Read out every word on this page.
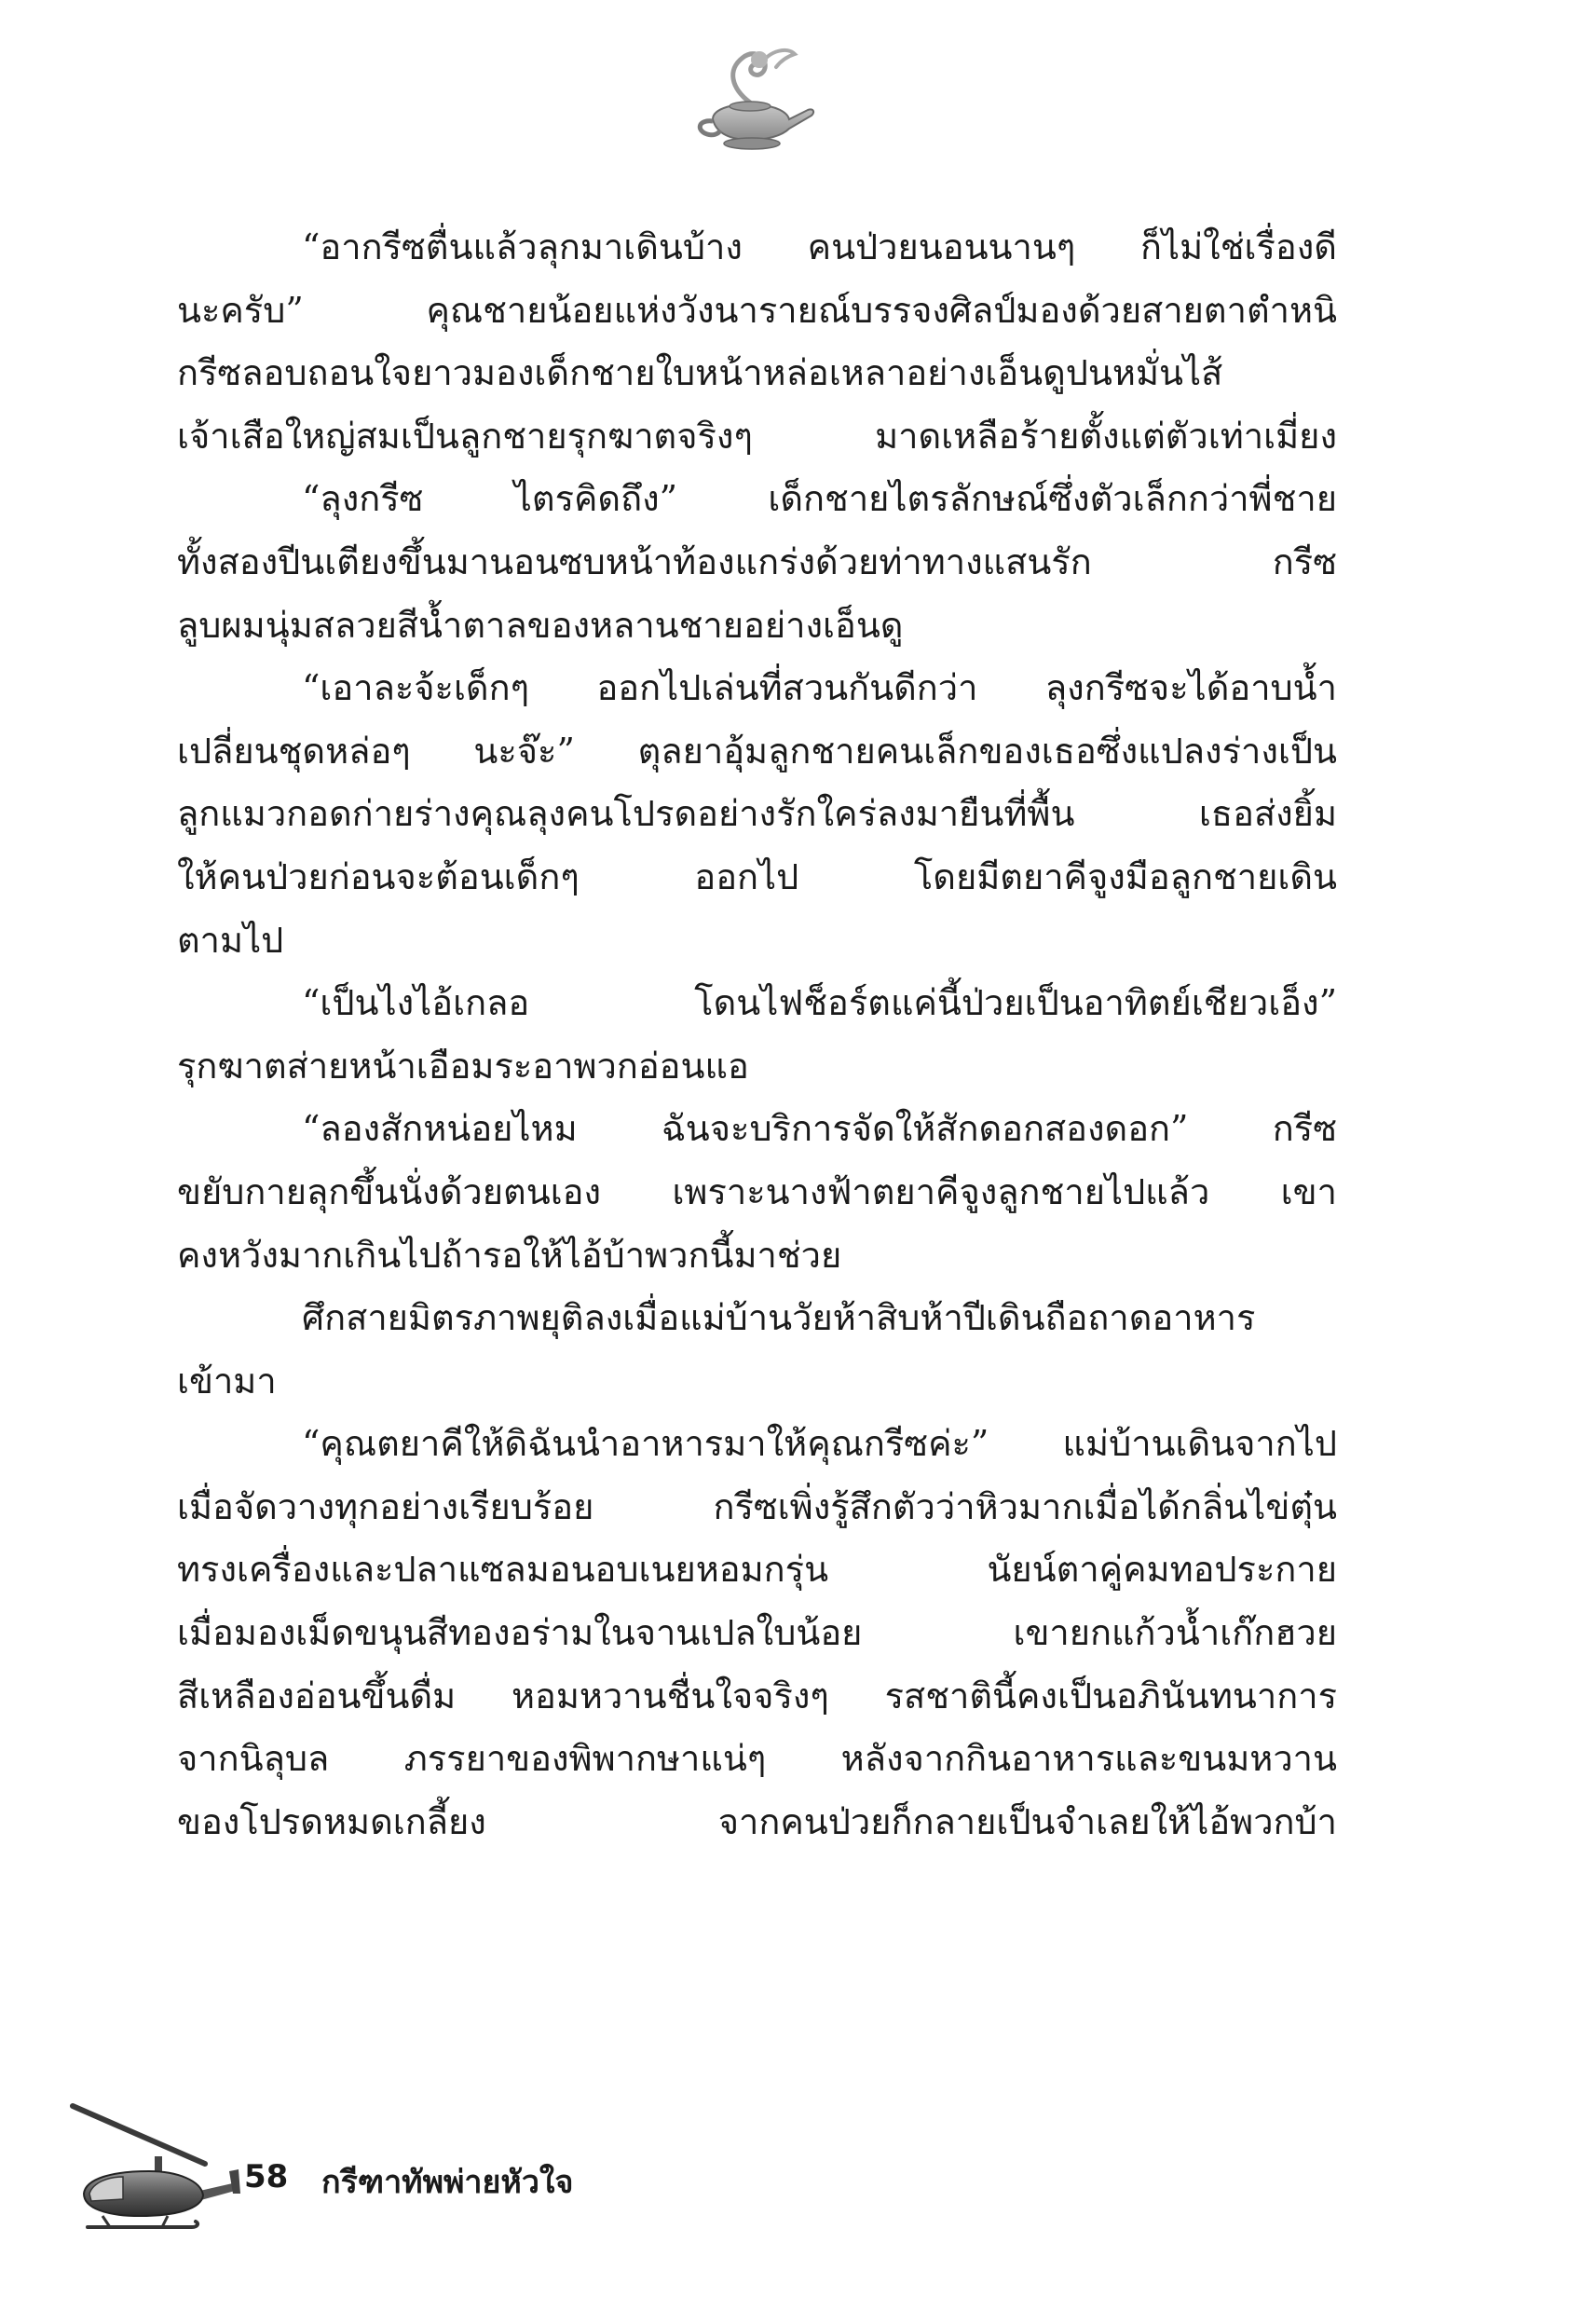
“อากรีซตื่นแล้วลุกมาเดินบ้าง คนป่วยนอนนานๆ ก็ไม่ใช่เรื่องดี
นะครับ” คุณชายน้อยแห่งวังนารายณ์บรรจงศิลป์มองด้วยสายตาตำหนิ
กรีซลอบถอนใจยาวมองเด็กชายใบหน้าหล่อเหลาอย่างเอ็นดูปนหมั่นไส้
เจ้าเสือใหญ่สมเป็นลูกชายรุกฆาตจริงๆ มาดเหลือร้ายตั้งแต่ตัวเท่าเมี่ยง
“ลุงกรีซ ไตรคิดถึง” เด็กชายไตรลักษณ์ซึ่งตัวเล็กกว่าพี่ชาย
ทั้งสองปีนเตียงขึ้นมานอนซบหน้าท้องแกร่งด้วยท่าทางแสนรัก กรีซ
ลูบผมนุ่มสลวยสีน้ำตาลของหลานชายอย่างเอ็นดู
“เอาละจ้ะเด็กๆ ออกไปเล่นที่สวนกันดีกว่า ลุงกรีซจะได้อาบน้ำ
เปลี่ยนชุดหล่อๆ นะจ๊ะ” ตุลยาอุ้มลูกชายคนเล็กของเธอซึ่งแปลงร่างเป็น
ลูกแมวกอดก่ายร่างคุณลุงคนโปรดอย่างรักใคร่ลงมายืนที่พื้น เธอส่งยิ้ม
ให้คนป่วยก่อนจะต้อนเด็กๆ ออกไป โดยมีตยาคีจูงมือลูกชายเดิน
ตามไป
“เป็นไงไอ้เกลอ โดนไฟช็อร์ตแค่นี้ป่วยเป็นอาทิตย์เชียวเอ็ง”
รุกฆาตส่ายหน้าเอือมระอาพวกอ่อนแอ
“ลองสักหน่อยไหม ฉันจะบริการจัดให้สักดอกสองดอก” กรีซ
ขยับกายลุกขึ้นนั่งด้วยตนเอง เพราะนางฟ้าตยาคีจูงลูกชายไปแล้ว เขา
คงหวังมากเกินไปถ้ารอให้ไอ้บ้าพวกนี้มาช่วย
ศึกสายมิตรภาพยุติลงเมื่อแม่บ้านวัยห้าสิบห้าปีเดินถือถาดอาหาร
เข้ามา
“คุณตยาคีให้ดิฉันนำอาหารมาให้คุณกรีซค่ะ” แม่บ้านเดินจากไป
เมื่อจัดวางทุกอย่างเรียบร้อย กรีซเพิ่งรู้สึกตัวว่าหิวมากเมื่อได้กลิ่นไข่ตุ๋น
ทรงเครื่องและปลาแซลมอนอบเนยหอมกรุ่น นัยน์ตาคู่คมทอประกาย
เมื่อมองเม็ดขนุนสีทองอร่ามในจานเปลใบน้อย เขายกแก้วน้ำเก๊กฮวย
สีเหลืองอ่อนขึ้นดื่ม หอมหวานชื่นใจจริงๆ รสชาตินี้คงเป็นอภินันทนาการ
จากนิลุบล ภรรยาของพิพากษาแน่ๆ หลังจากกินอาหารและขนมหวาน
ของโปรดหมดเกลี้ยง จากคนป่วยก็กลายเป็นจำเลยให้ไอ้พวกบ้า
58 กรีฑาทัพพ่ายหัวใจ
